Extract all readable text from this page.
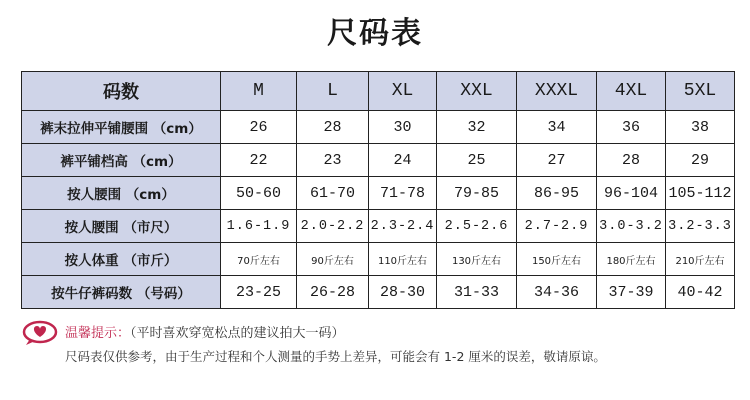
尺码表
码数	M	L	XL	XXL	XXXL	4XL	5XL
裤末拉伸平铺腰围 （cm）	26	28	30	32	34	36	38
裤平铺档高 （cm）	22	23	24	25	27	28	29
按人腰围 （cm）	50-60	61-70	71-78	79-85	86-95	96-104	105-112
按人腰围 （市尺）	1.6-1.9	2.0-2.2	2.3-2.4	2.5-2.6	2.7-2.9	3.0-3.2	3.2-3.3
按人体重 （市斤）	70斤左右	90斤左右	110斤左右	130斤左右	150斤左右	180斤左右	210斤左右
按牛仔裤码数 （号码）	23-25	26-28	28-30	31-33	34-36	37-39	40-42
温馨提示：（平时喜欢穿宽松点的建议拍大一码）
尺码表仅供参考，由于生产过程和个人测量的手势上差异，可能会有 1-2 厘米的误差，敬请原谅。
